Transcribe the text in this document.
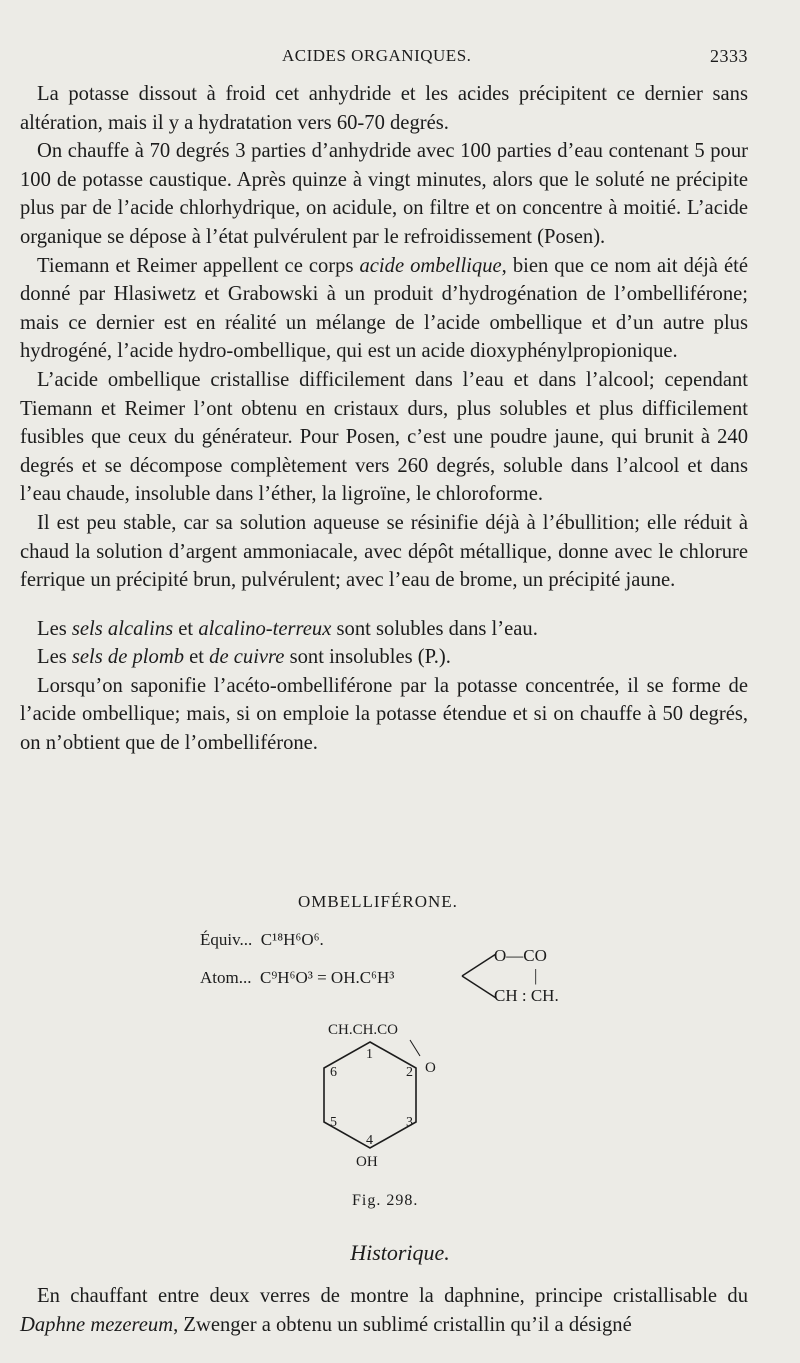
ACIDES ORGANIQUES.	2333

La potasse dissout à froid cet anhydride et les acides précipitent ce dernier sans altération, mais il y a hydratation vers 60-70 degrés.

On chauffe à 70 degrés 3 parties d’anhydride avec 100 parties d’eau contenant 5 pour 100 de potasse caustique. Après quinze à vingt minutes, alors que le soluté ne précipite plus par de l’acide chlorhydrique, on acidule, on filtre et on concentre à moitié. L’acide organique se dépose à l’état pulvérulent par le refroidissement (Posen).

Tiemann et Reimer appellent ce corps acide ombellique, bien que ce nom ait déjà été donné par Hlasiwetz et Grabowski à un produit d’hydrogénation de l’ombelliférone; mais ce dernier est en réalité un mélange de l’acide ombellique et d’un autre plus hydrogéné, l’acide hydro-ombellique, qui est un acide dioxyphénylpropionique.

L’acide ombellique cristallise difficilement dans l’eau et dans l’alcool; cependant Tiemann et Reimer l’ont obtenu en cristaux durs, plus solubles et plus difficilement fusibles que ceux du générateur. Pour Posen, c’est une poudre jaune, qui brunit à 240 degrés et se décompose complètement vers 260 degrés, soluble dans l’alcool et dans l’eau chaude, insoluble dans l’éther, la ligroïne, le chloroforme.

Il est peu stable, car sa solution aqueuse se résinifie déjà à l’ébullition; elle réduit à chaud la solution d’argent ammoniacale, avec dépôt métallique, donne avec le chlorure ferrique un précipité brun, pulvérulent; avec l’eau de brome, un précipité jaune.

Les sels alcalins et alcalino-terreux sont solubles dans l’eau.

Les sels de plomb et de cuivre sont insolubles (P.).

Lorsqu’on saponifie l’acéto-ombelliférone par la potasse concentrée, il se forme de l’acide ombellique; mais, si on emploie la potasse étendue et si on chauffe à 50 degrés, on n’obtient que de l’ombelliférone.

OMBELLIFÉRONE.
Équiv... C¹⁸H⁶O⁶.
Atom... C⁹H⁶O³ = OH.C⁶H³
O—CO
|
CH : CH.
CH.CH.CO
O
1
2
3
4
5
6
OH
Fig. 298.
Historique.

En chauffant entre deux verres de montre la daphnine, principe cristallisable du Daphne mezereum, Zwenger a obtenu un sublimé cristallin qu’il a désigné
